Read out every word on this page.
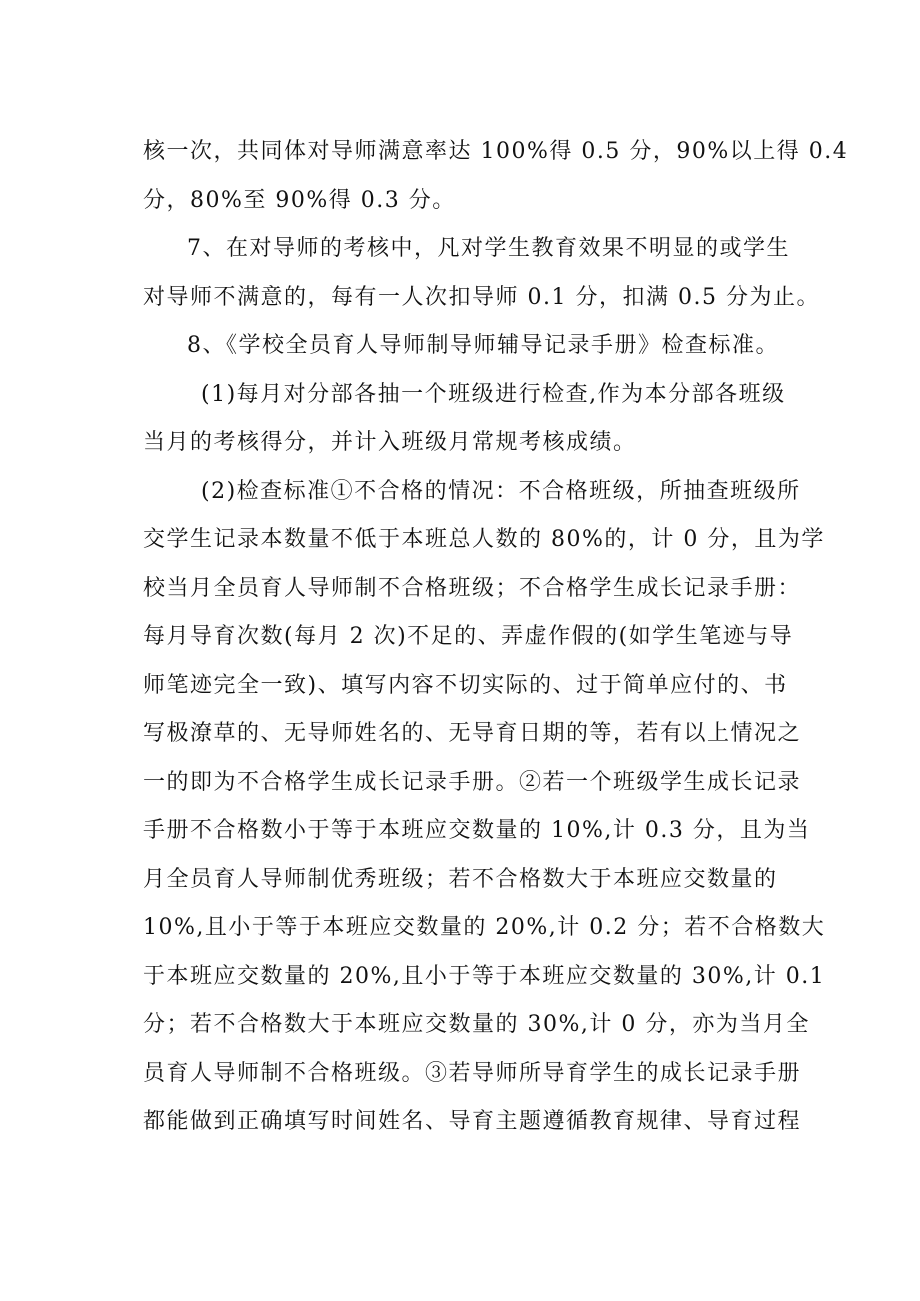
核一次，共同体对导师满意率达 100%得 0.5 分，90%以上得 0.4
分，80%至 90%得 0.3 分。
7、在对导师的考核中，凡对学生教育效果不明显的或学生
对导师不满意的，每有一人次扣导师 0.1 分，扣满 0.5 分为止。
8、《学校全员育人导师制导师辅导记录手册》检查标准。
(1)每月对分部各抽一个班级进行检查,作为本分部各班级
当月的考核得分，并计入班级月常规考核成绩。
(2)检查标准①不合格的情况：不合格班级，所抽查班级所
交学生记录本数量不低于本班总人数的 80%的，计 0 分，且为学
校当月全员育人导师制不合格班级；不合格学生成长记录手册：
每月导育次数(每月 2 次)不足的、弄虚作假的(如学生笔迹与导
师笔迹完全一致)、填写内容不切实际的、过于简单应付的、书
写极潦草的、无导师姓名的、无导育日期的等，若有以上情况之
一的即为不合格学生成长记录手册。②若一个班级学生成长记录
手册不合格数小于等于本班应交数量的 10%,计 0.3 分，且为当
月全员育人导师制优秀班级；若不合格数大于本班应交数量的
10%,且小于等于本班应交数量的 20%,计 0.2 分；若不合格数大
于本班应交数量的 20%,且小于等于本班应交数量的 30%,计 0.1
分；若不合格数大于本班应交数量的 30%,计 0 分，亦为当月全
员育人导师制不合格班级。③若导师所导育学生的成长记录手册
都能做到正确填写时间姓名、导育主题遵循教育规律、导育过程
